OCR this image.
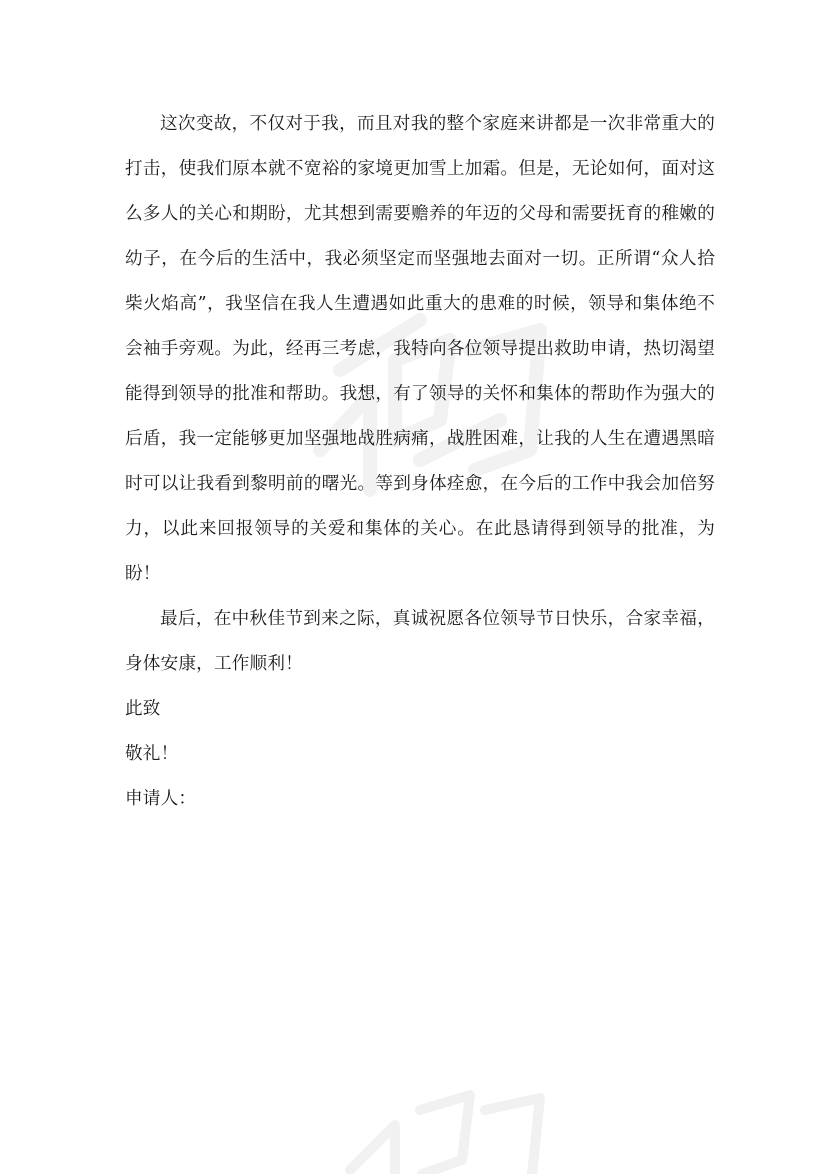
这次变故，不仅对于我，而且对我的整个家庭来讲都是一次非常重大的打击，使我们原本就不宽裕的家境更加雪上加霜。但是，无论如何，面对这么多人的关心和期盼，尤其想到需要赡养的年迈的父母和需要抚育的稚嫩的幼子，在今后的生活中，我必须坚定而坚强地去面对一切。正所谓“众人拾柴火焰高”，我坚信在我人生遭遇如此重大的患难的时候，领导和集体绝不会袖手旁观。为此，经再三考虑，我特向各位领导提出救助申请，热切渴望能得到领导的批准和帮助。我想，有了领导的关怀和集体的帮助作为强大的后盾，我一定能够更加坚强地战胜病痛，战胜困难，让我的人生在遭遇黑暗时可以让我看到黎明前的曙光。等到身体痊愈，在今后的工作中我会加倍努力，以此来回报领导的关爱和集体的关心。在此恳请得到领导的批准，为盼！

最后，在中秋佳节到来之际，真诚祝愿各位领导节日快乐，合家幸福，身体安康，工作顺利！

此致

敬礼！

申请人：
